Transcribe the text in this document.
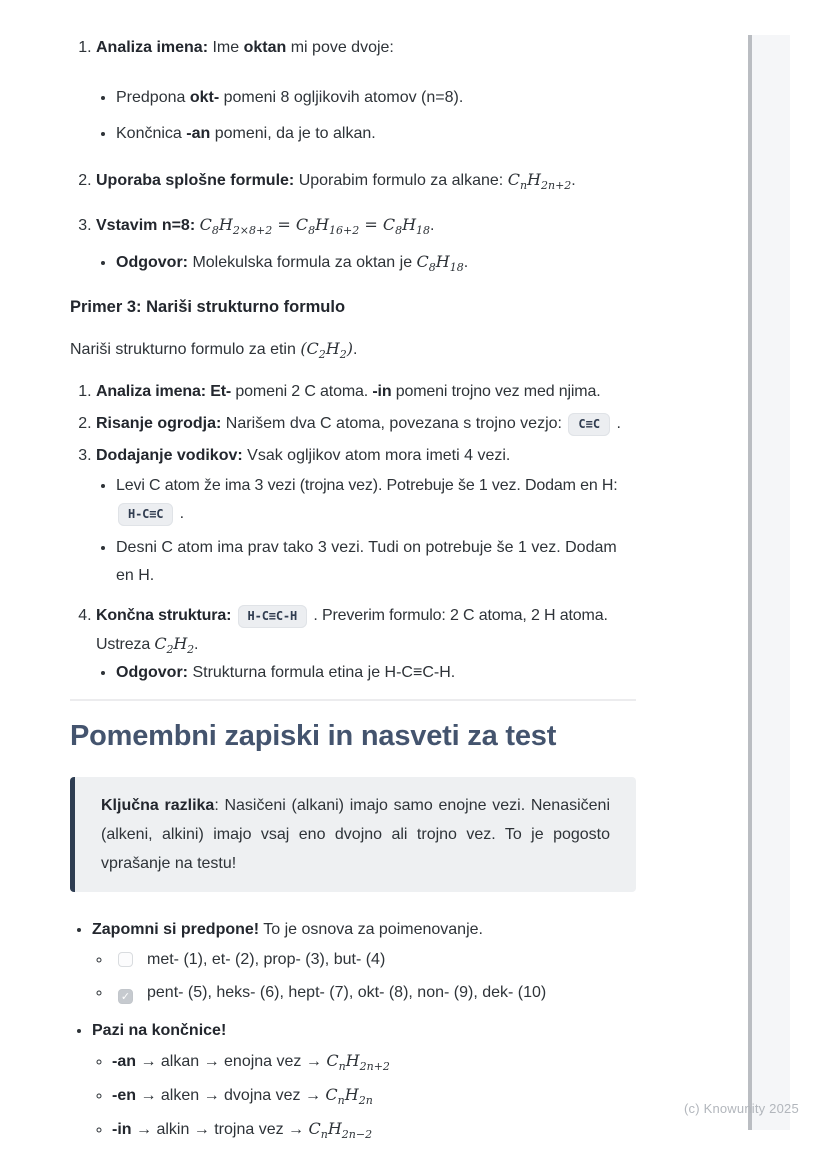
1. Analiza imena: Ime oktan mi pove dvoje:
• Predpona okt- pomeni 8 ogljikovih atomov (n=8).
• Končnica -an pomeni, da je to alkan.
2. Uporaba splošne formule: Uporabim formulo za alkane: $C_nH_{2n+2}$.
3. Vstavim n=8: $C_8H_{2\times 8+2} = C_8H_{16+2} = C_8H_{18}$.
• Odgovor: Molekulska formula za oktan je $C_8H_{18}$.
Primer 3: Nariši strukturno formulo

Nariši strukturno formulo za etin $(C_2H_2)$.

1. Analiza imena: Et- pomeni 2 C atoma. -in pomeni trojno vez med njima.
2. Risanje ogrodja: Narišem dva C atoma, povezana s trojno vezjo: C≡C .
3. Dodajanje vodikov: Vsak ogljikov atom mora imeti 4 vezi.
• Levi C atom že ima 3 vezi (trojna vez). Potrebuje še 1 vez. Dodam en H:
H-C≡C .
• Desni C atom ima prav tako 3 vezi. Tudi on potrebuje še 1 vez. Dodam en H.
4. Končna struktura: H-C≡C-H . Preverim formulo: 2 C atoma, 2 H atoma. Ustreza $C_2H_2$.
• Odgovor: Strukturna formula etina je H-C≡C-H.
Pomembni zapiski in nasveti za test
Ključna razlika: Nasičeni (alkani) imajo samo enojne vezi. Nenasičeni (alkeni, alkini) imajo vsaj eno dvojno ali trojno vez. To je pogosto vprašanje na testu!
• Zapomni si predpone! To je osnova za poimenovanje.
◦ met- (1), et- (2), prop- (3), but- (4)
◦ ✓ pent- (5), heks- (6), hept- (7), okt- (8), non- (9), dek- (10)
• Pazi na končnice!
◦ -an → alkan → enojna vez → $C_nH_{2n+2}$
◦ -en → alken → dvojna vez → $C_nH_{2n}$
◦ -in → alkin → trojna vez → $C_nH_{2n-2}$
(c) Knowunity 2025
